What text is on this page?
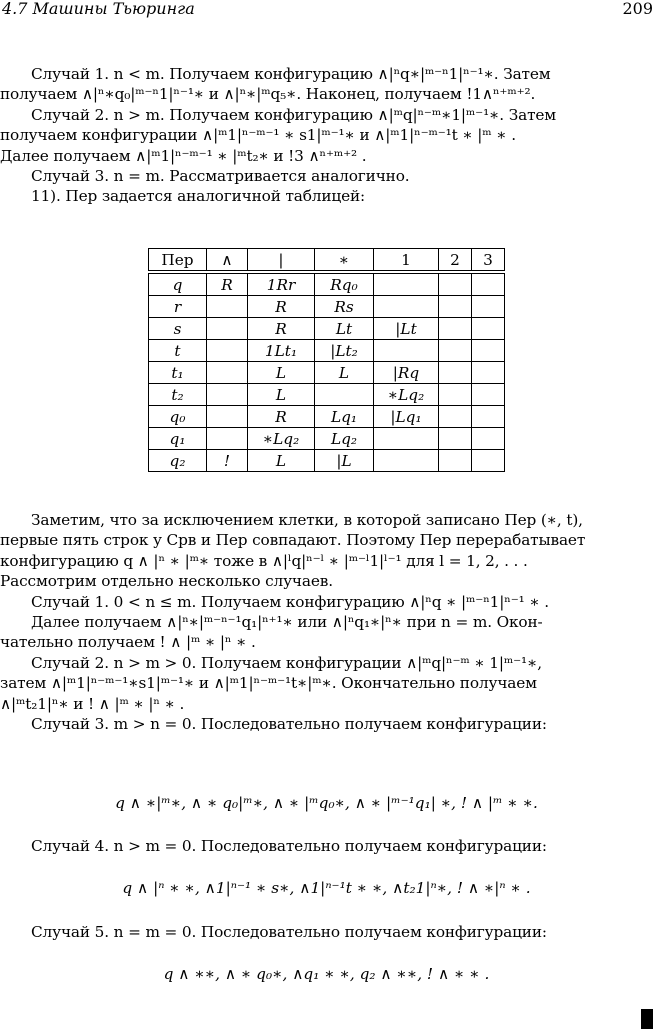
4.7 Машины Тьюринга	209
Случай 1. n < m. Получаем конфигурацию ∧|ⁿq∗|ᵐ⁻ⁿ1|ⁿ⁻¹∗. Затем
получаем ∧|ⁿ∗q₀|ᵐ⁻ⁿ1|ⁿ⁻¹∗ и ∧|ⁿ∗|ᵐq₅∗. Наконец, получаем !1∧ⁿ⁺ᵐ⁺².
Случай 2. n > m. Получаем конфигурацию ∧|ᵐq|ⁿ⁻ᵐ∗1|ᵐ⁻¹∗. Затем
получаем конфигурации ∧|ᵐ1|ⁿ⁻ᵐ⁻¹ ∗ s1|ᵐ⁻¹∗ и ∧|ᵐ1|ⁿ⁻ᵐ⁻¹t ∗ |ᵐ ∗ .
Далее получаем ∧|ᵐ1|ⁿ⁻ᵐ⁻¹ ∗ |ᵐt₂∗ и !3 ∧ⁿ⁺ᵐ⁺² .
Случай 3. n = m. Рассматривается аналогично.
11). Пер задается аналогичной таблицей:
Пер	∧	|	∗	1	2	3

q	R	1Rr	Rq₀			
r		R	Rs			
s		R	Lt	|Lt		
t		1Lt₁	|Lt₂			
t₁		L	L	|Rq		
t₂		L		∗Lq₂		
q₀		R	Lq₁	|Lq₁		
q₁		∗Lq₂	Lq₂			
q₂	!	L	|L			
Заметим, что за исключением клетки, в которой записано Пер (∗, t),
первые пять строк у Срв и Пер совпадают. Поэтому Пер перерабатывает
конфигурацию q ∧ |ⁿ ∗ |ᵐ∗ тоже в ∧|ˡq|ⁿ⁻ˡ ∗ |ᵐ⁻ˡ1|ˡ⁻¹ для l = 1, 2, . . .
Рассмотрим отдельно несколько случаев.
Случай 1. 0 < n ≤ m. Получаем конфигурацию ∧|ⁿq ∗ |ᵐ⁻ⁿ1|ⁿ⁻¹ ∗ .
Далее получаем ∧|ⁿ∗|ᵐ⁻ⁿ⁻¹q₁|ⁿ⁺¹∗ или ∧|ⁿq₁∗|ⁿ∗ при n = m. Окон-
чательно получаем ! ∧ |ᵐ ∗ |ⁿ ∗ .
Случай 2. n > m > 0. Получаем конфигурации ∧|ᵐq|ⁿ⁻ᵐ ∗ 1|ᵐ⁻¹∗,
затем ∧|ᵐ1|ⁿ⁻ᵐ⁻¹∗s1|ᵐ⁻¹∗ и ∧|ᵐ1|ⁿ⁻ᵐ⁻¹t∗|ᵐ∗. Окончательно получаем
∧|ᵐt₂1|ⁿ∗ и ! ∧ |ᵐ ∗ |ⁿ ∗ .
Случай 3. m > n = 0. Последовательно получаем конфигурации:
q ∧ ∗|ᵐ∗, ∧ ∗ q₀|ᵐ∗, ∧ ∗ |ᵐq₀∗, ∧ ∗ |ᵐ⁻¹q₁| ∗, ! ∧ |ᵐ ∗ ∗.
Случай 4. n > m = 0. Последовательно получаем конфигурации:
q ∧ |ⁿ ∗ ∗, ∧1|ⁿ⁻¹ ∗ s∗, ∧1|ⁿ⁻¹t ∗ ∗, ∧t₂1|ⁿ∗, ! ∧ ∗|ⁿ ∗ .
Случай 5. n = m = 0. Последовательно получаем конфигурации:
q ∧ ∗∗, ∧ ∗ q₀∗, ∧q₁ ∗ ∗, q₂ ∧ ∗∗, ! ∧ ∗ ∗ .
